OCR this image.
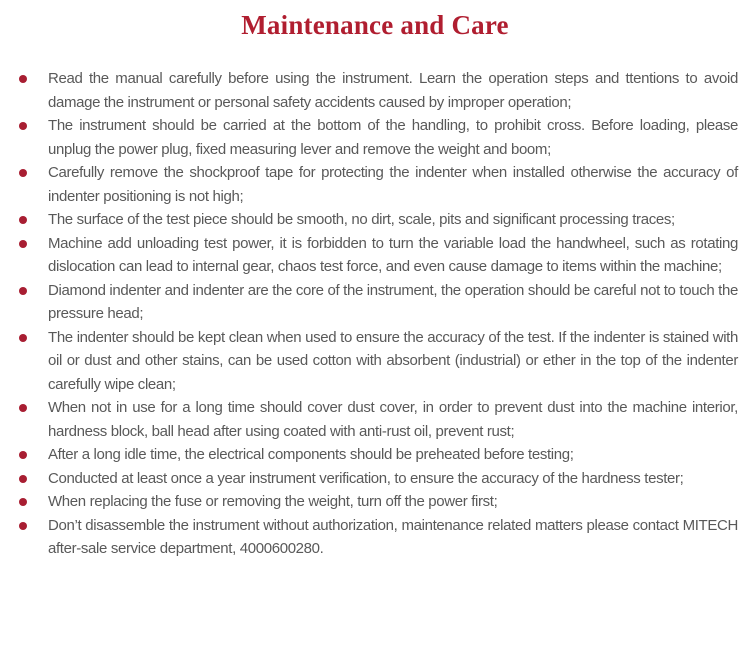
Maintenance and Care

Read the manual carefully before using the instrument. Learn the operation steps and ttentions to avoid damage the instrument or personal safety accidents caused by improper operation;

The instrument should be carried at the bottom of the handling, to prohibit cross. Before loading, please unplug the power plug, fixed measuring lever and remove the weight and boom;

Carefully remove the shockproof tape for protecting the indenter when installed otherwise the accuracy of indenter positioning is not high;

The surface of the test piece should be smooth, no dirt, scale, pits and significant processing traces;

Machine add unloading test power, it is forbidden to turn the variable load the handwheel, such as rotating dislocation can lead to internal gear, chaos test force, and even cause damage to items within the machine;

Diamond indenter and indenter are the core of the instrument, the operation should be careful not to touch the pressure head;

The indenter should be kept clean when used to ensure the accuracy of the test. If the indenter is stained with oil or dust and other stains, can be used cotton with absorbent (industrial) or ether in the top of the indenter carefully wipe clean;

When not in use for a long time should cover dust cover, in order to prevent dust into the machine interior, hardness block, ball head after using coated with anti-rust oil, prevent rust;

After a long idle time, the electrical components should be preheated before testing;

Conducted at least once a year instrument verification, to ensure the accuracy of the hardness tester;

When replacing the fuse or removing the weight, turn off the power first;

Don’t disassemble the instrument without authorization, maintenance related matters please contact MITECH after-sale service department, 4000600280.
